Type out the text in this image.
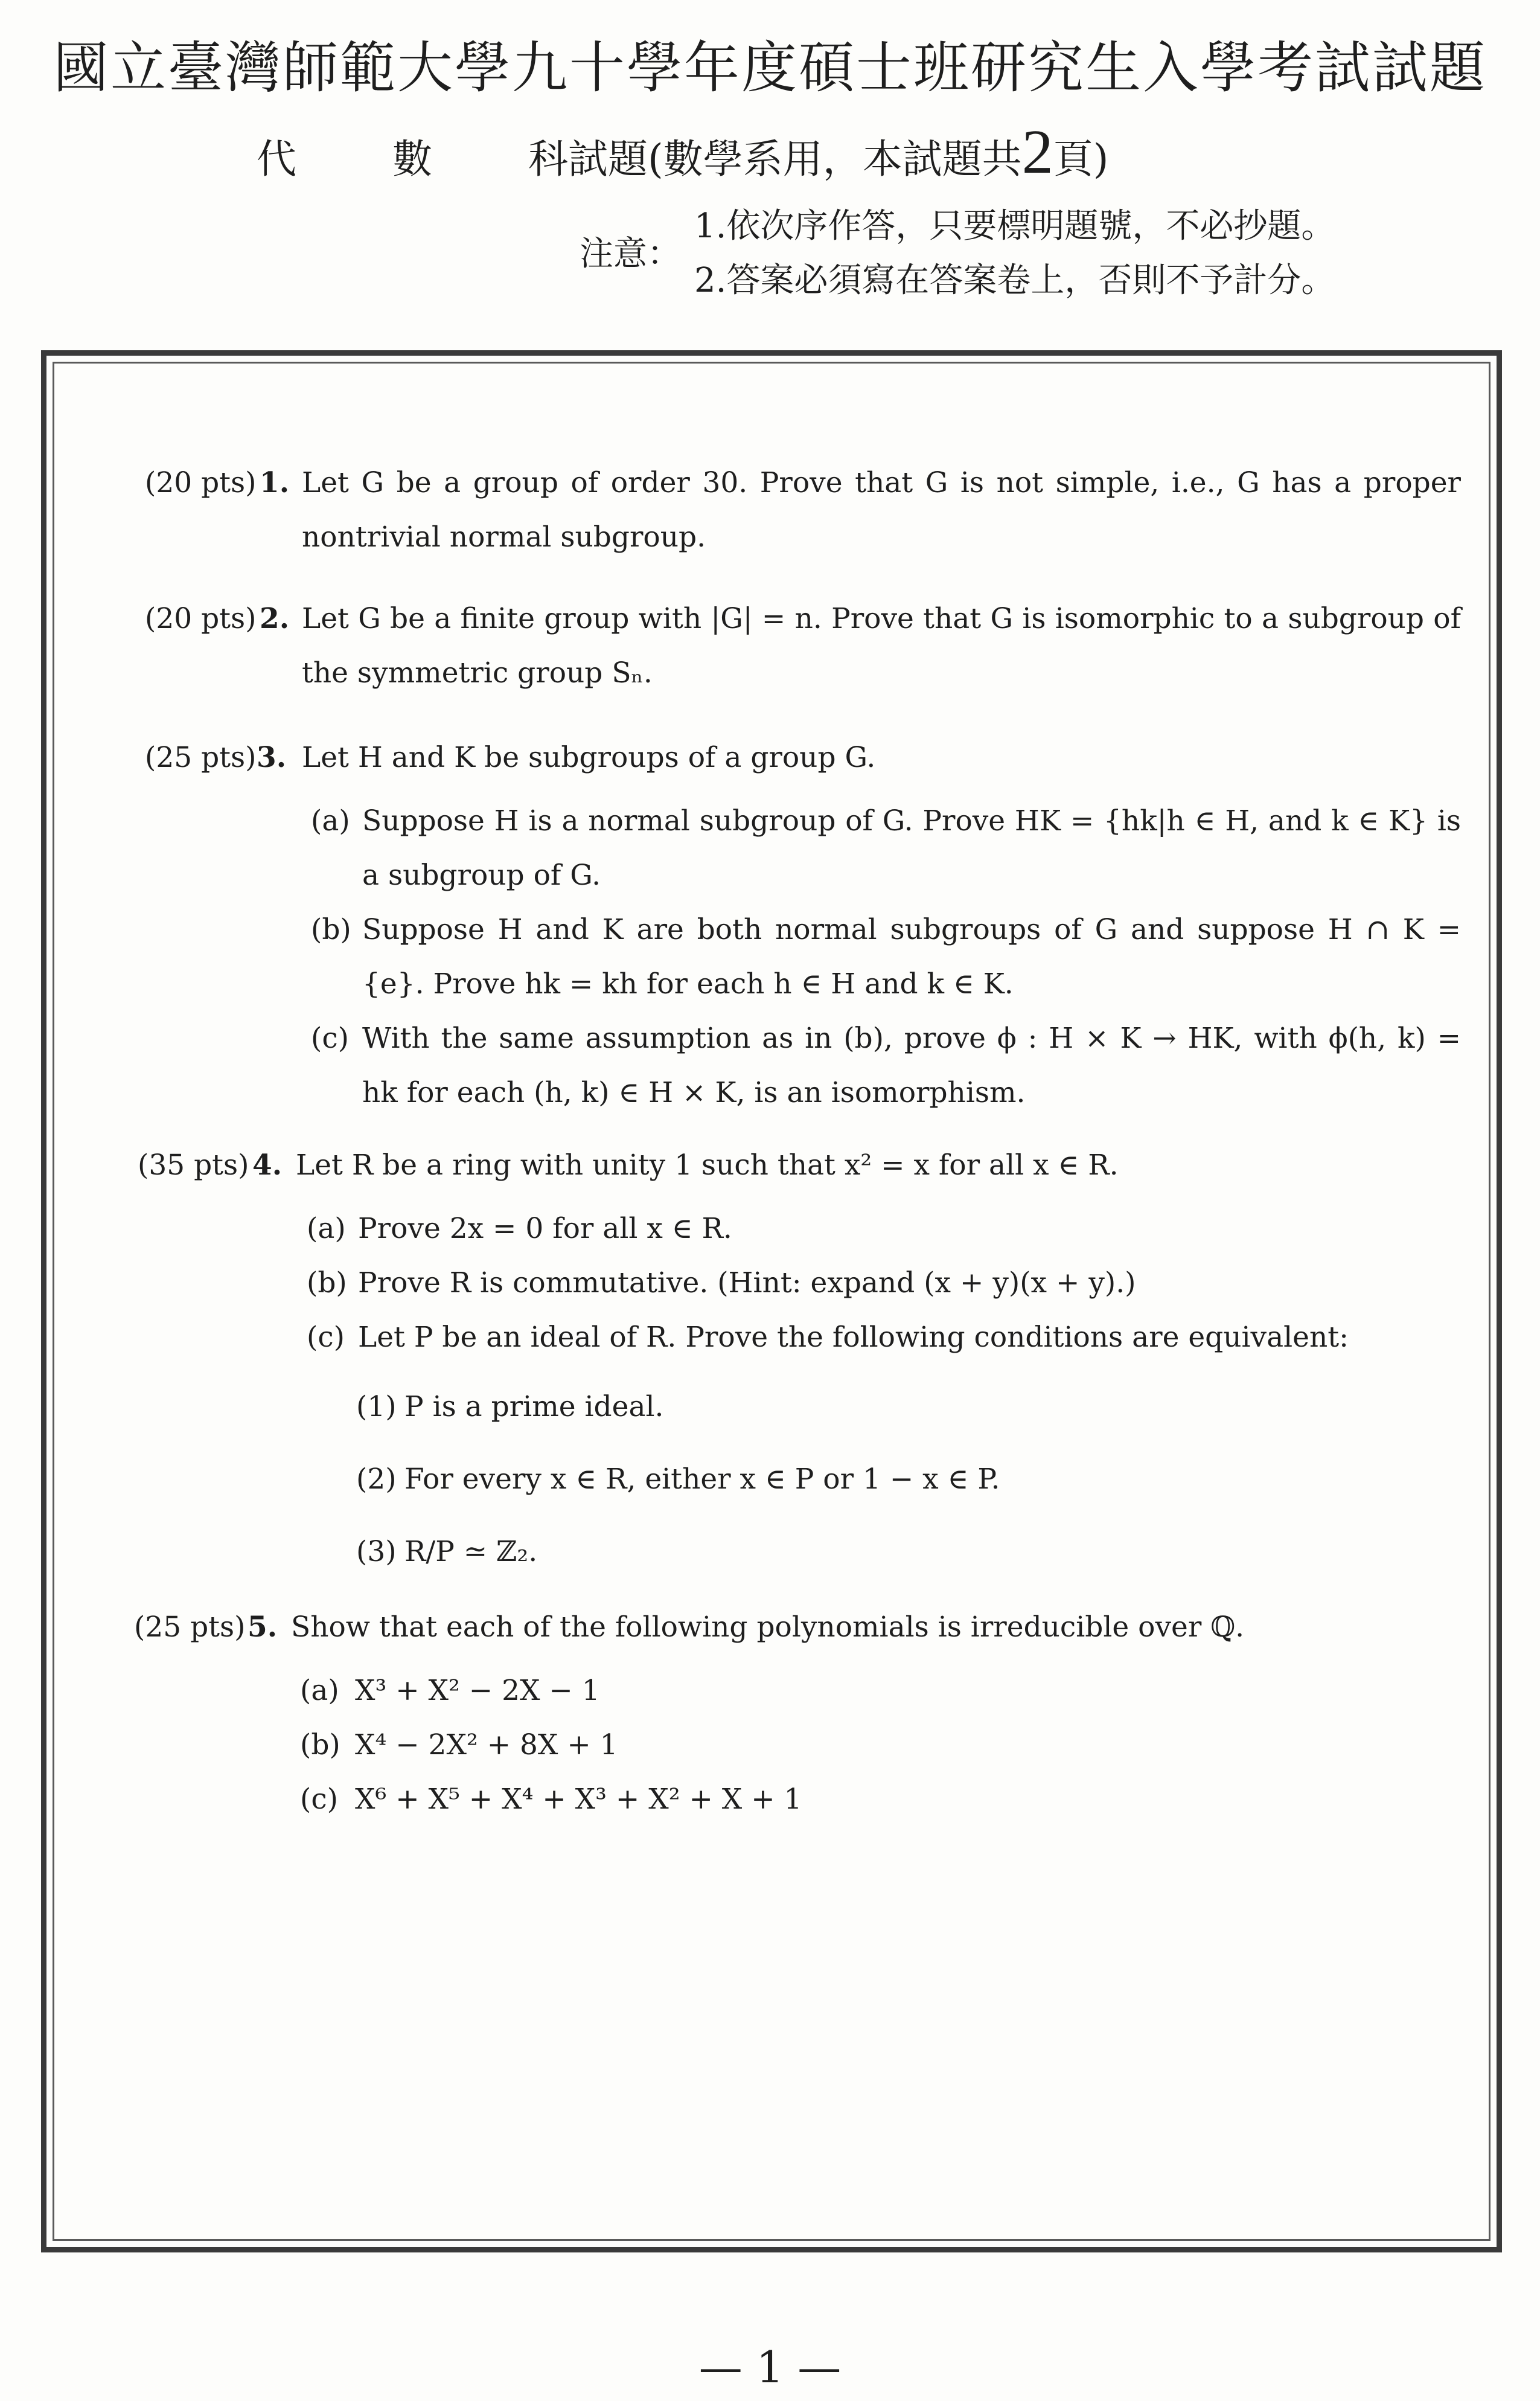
國立臺灣師範大學九十學年度碩士班研究生入學考試試題
代 數 科試題(數學系用，本試題共2頁)
注意：
1.依次序作答，只要標明題號，不必抄題。
2.答案必須寫在答案卷上，否則不予計分。
(20 pts) 1. Let G be a group of order 30. Prove that G is not simple, i.e., G has a proper nontrivial normal subgroup.
(20 pts) 2. Let G be a finite group with |G| = n. Prove that G is isomorphic to a subgroup of the symmetric group Sₙ.
(25 pts) 3. Let H and K be subgroups of a group G.
(a) Suppose H is a normal subgroup of G. Prove HK = {hk|h ∈ H, and k ∈ K} is a subgroup of G.
(b) Suppose H and K are both normal subgroups of G and suppose H ∩ K = {e}. Prove hk = kh for each h ∈ H and k ∈ K.
(c) With the same assumption as in (b), prove ϕ : H × K → HK, with ϕ(h, k) = hk for each (h, k) ∈ H × K, is an isomorphism.
(35 pts) 4. Let R be a ring with unity 1 such that x² = x for all x ∈ R.
(a) Prove 2x = 0 for all x ∈ R.
(b) Prove R is commutative. (Hint: expand (x + y)(x + y).)
(c) Let P be an ideal of R. Prove the following conditions are equivalent:
(1) P is a prime ideal.
(2) For every x ∈ R, either x ∈ P or 1 − x ∈ P.
(3) R/P ≃ ℤ₂.
(25 pts) 5. Show that each of the following polynomials is irreducible over ℚ.
(a) X³ + X² − 2X − 1
(b) X⁴ − 2X² + 8X + 1
(c) X⁶ + X⁵ + X⁴ + X³ + X² + X + 1
— 1 —
